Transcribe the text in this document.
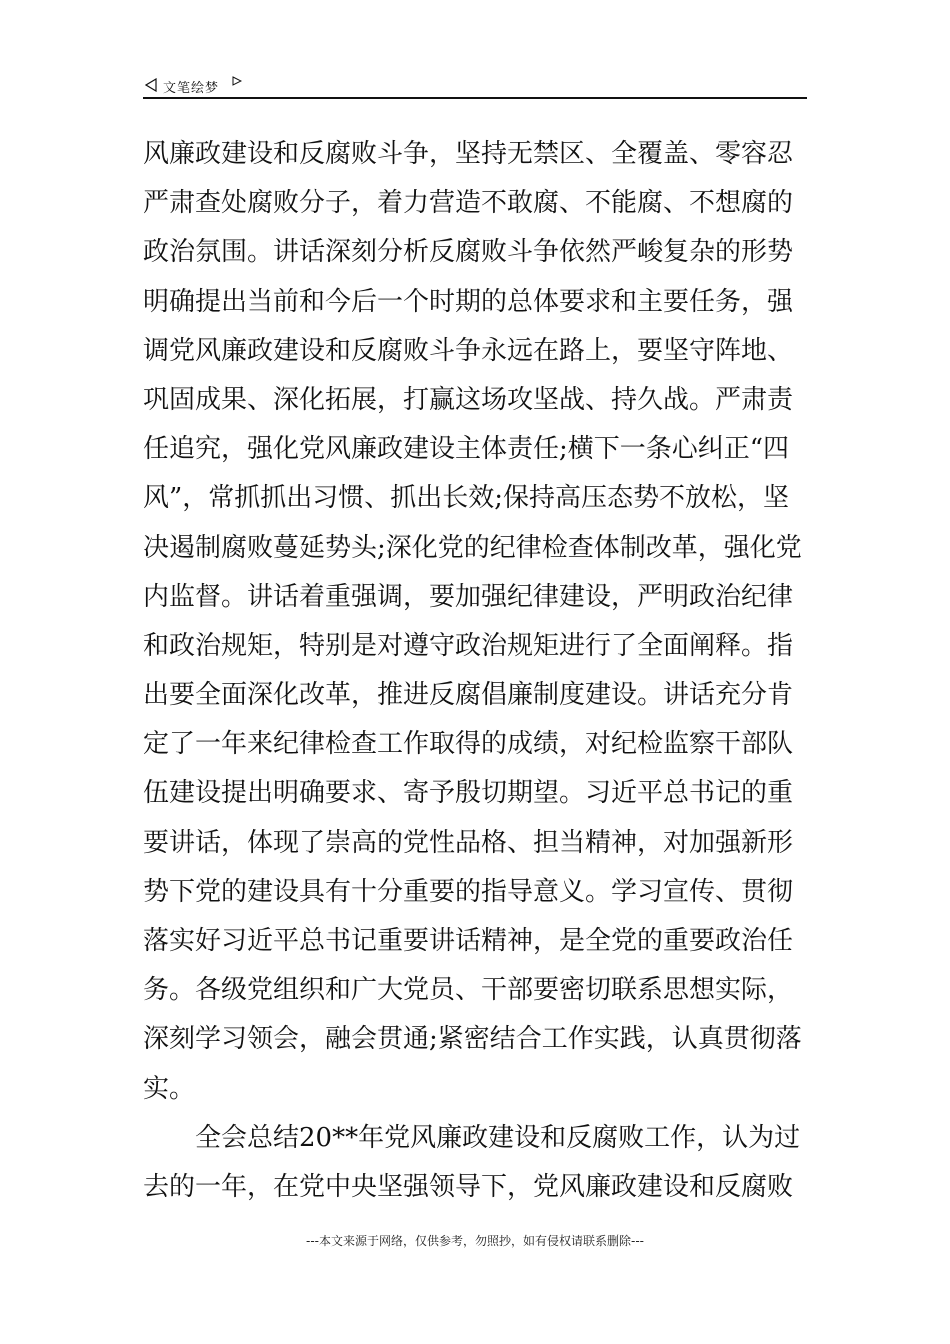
文笔绘梦
风廉政建设和反腐败斗争，坚持无禁区、全覆盖、零容忍
严肃查处腐败分子，着力营造不敢腐、不能腐、不想腐的
政治氛围。讲话深刻分析反腐败斗争依然严峻复杂的形势
明确提出当前和今后一个时期的总体要求和主要任务，强
调党风廉政建设和反腐败斗争永远在路上，要坚守阵地、
巩固成果、深化拓展，打赢这场攻坚战、持久战。严肃责
任追究，强化党风廉政建设主体责任;横下一条心纠正“四
风”，常抓抓出习惯、抓出长效;保持高压态势不放松，坚
决遏制腐败蔓延势头;深化党的纪律检查体制改革，强化党
内监督。讲话着重强调，要加强纪律建设，严明政治纪律
和政治规矩，特别是对遵守政治规矩进行了全面阐释。指
出要全面深化改革，推进反腐倡廉制度建设。讲话充分肯
定了一年来纪律检查工作取得的成绩，对纪检监察干部队
伍建设提出明确要求、寄予殷切期望。习近平总书记的重
要讲话，体现了崇高的党性品格、担当精神，对加强新形
势下党的建设具有十分重要的指导意义。学习宣传、贯彻
落实好习近平总书记重要讲话精神，是全党的重要政治任
务。各级党组织和广大党员、干部要密切联系思想实际，
深刻学习领会，融会贯通;紧密结合工作实践，认真贯彻落
实。
全会总结20**年党风廉政建设和反腐败工作，认为过
去的一年，在党中央坚强领导下，党风廉政建设和反腐败
---本文来源于网络，仅供参考，勿照抄，如有侵权请联系删除---
